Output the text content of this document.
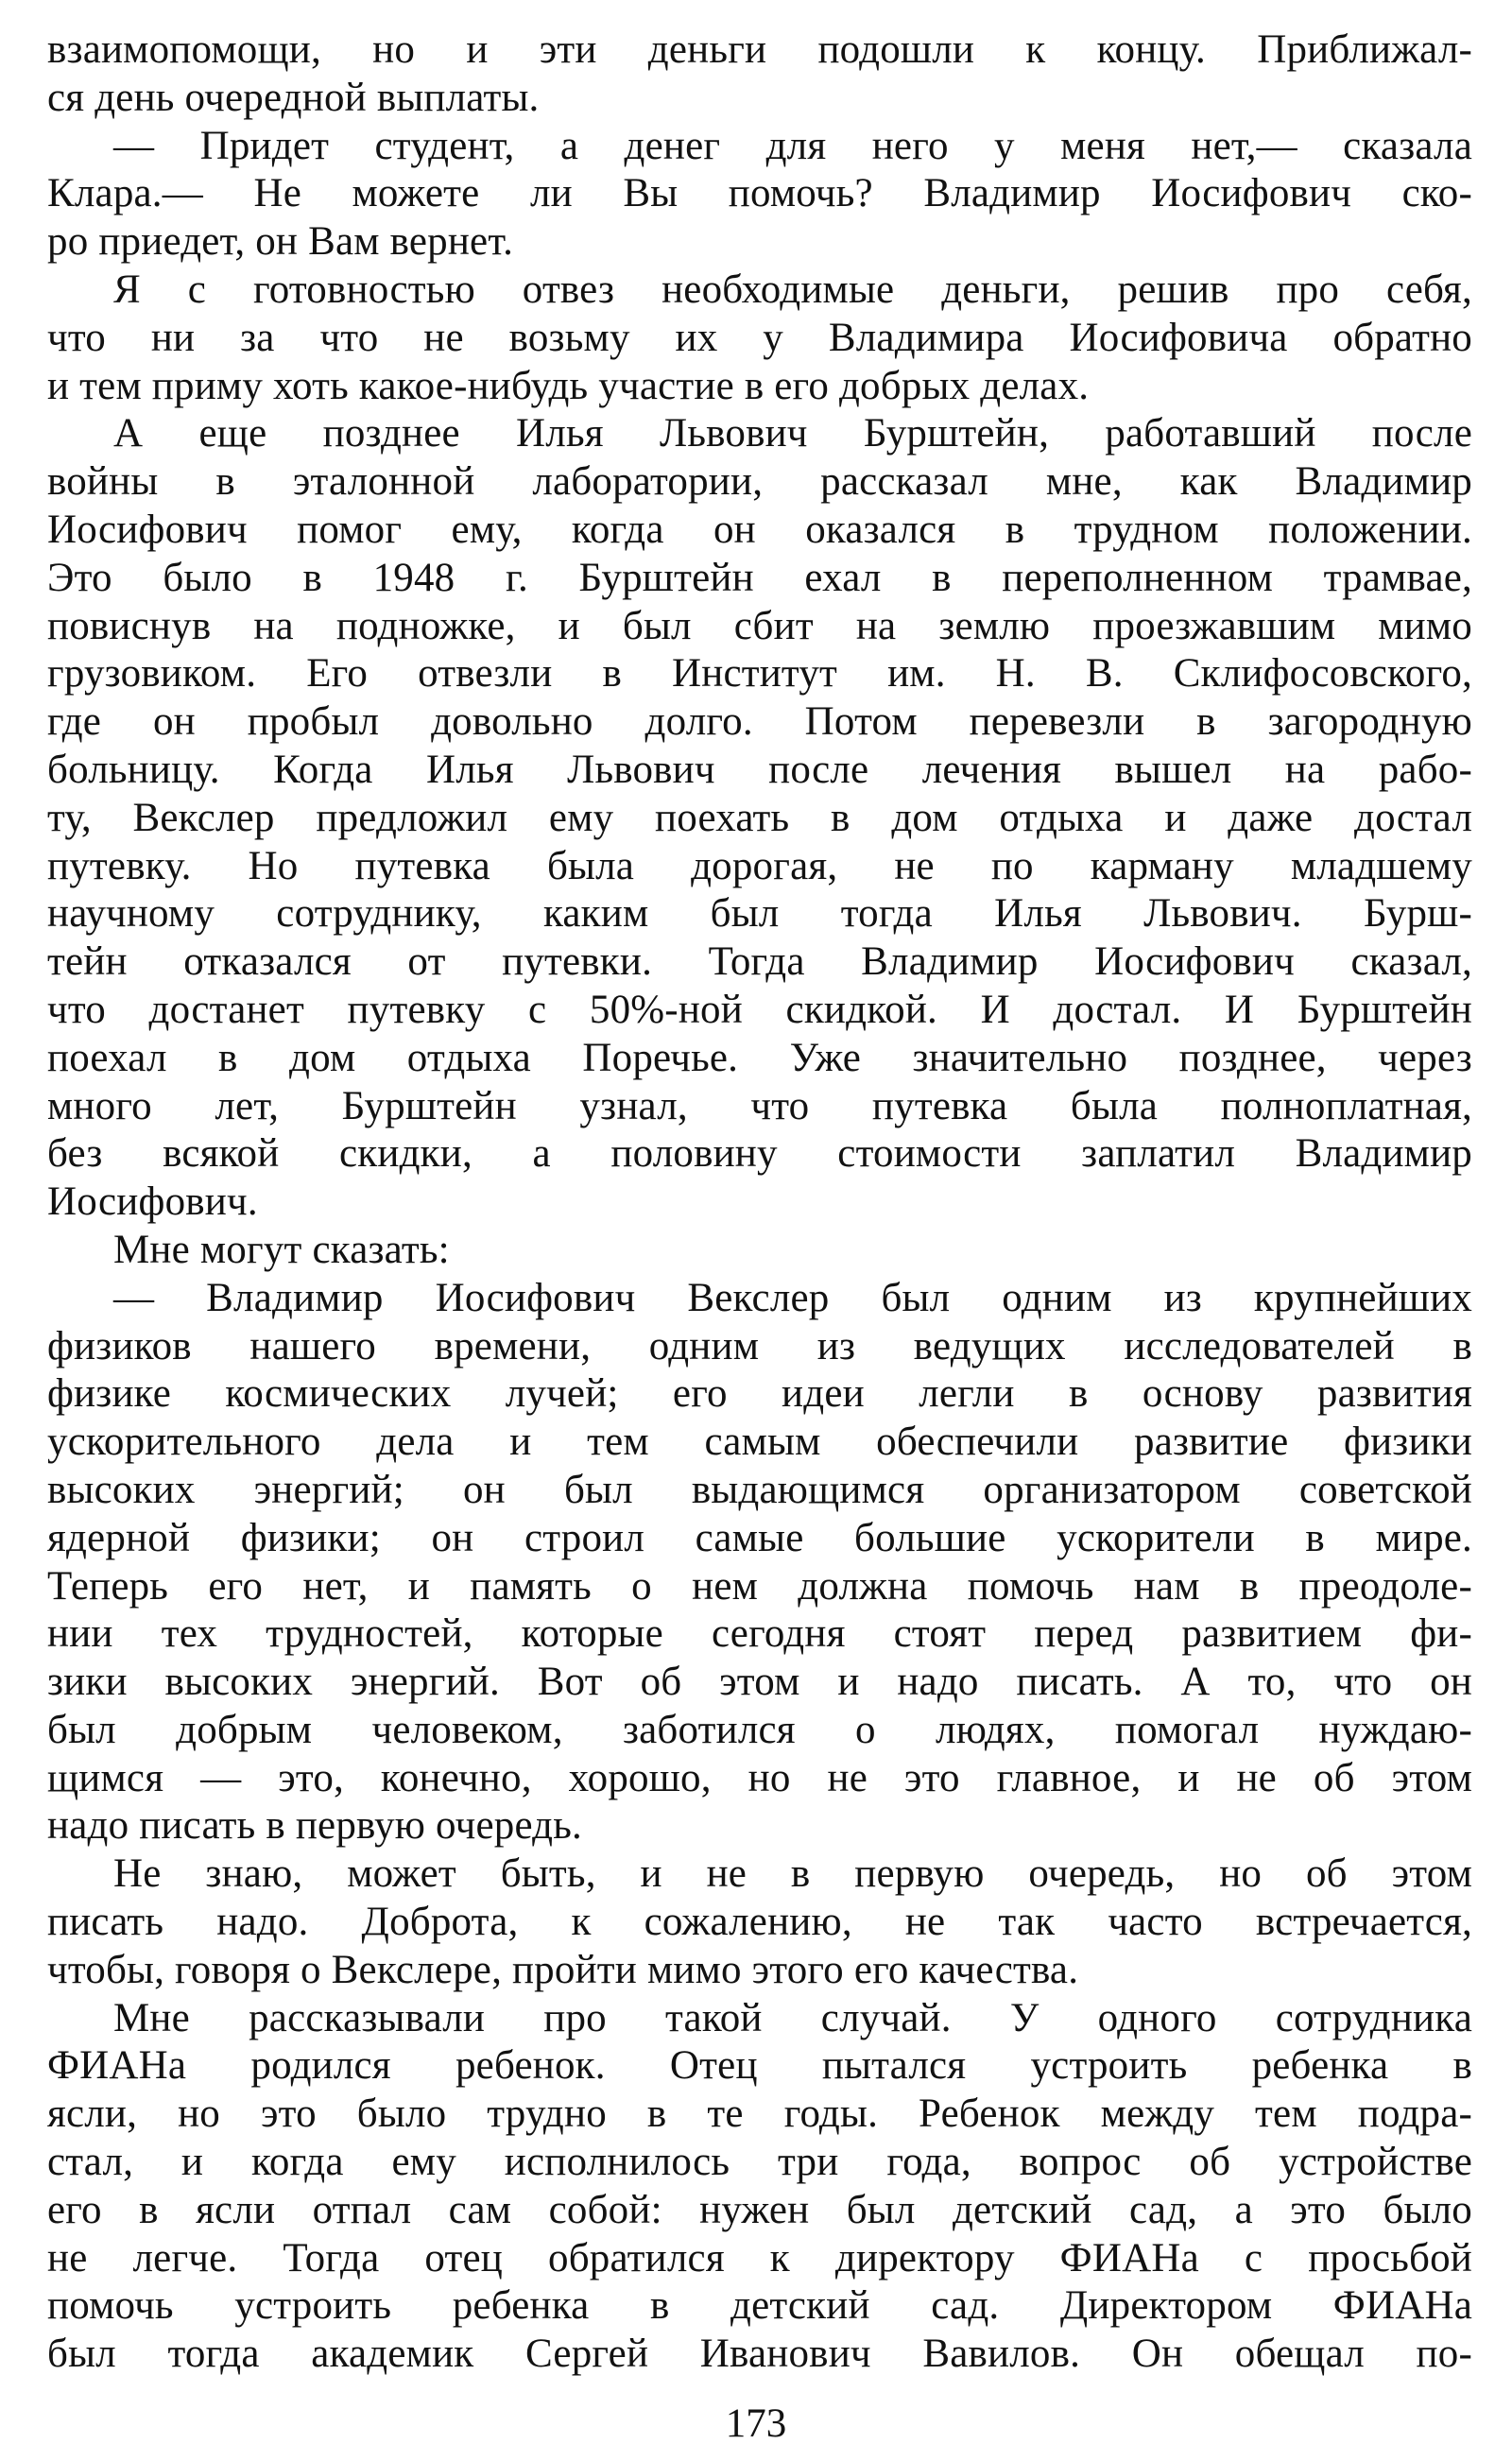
взаимопомощи, но и эти деньги подошли к концу. Приближал-
ся день очередной выплаты.
— Придет студент, а денег для него у меня нет,— сказала
Клара.— Не можете ли Вы помочь? Владимир Иосифович ско-
ро приедет, он Вам вернет.
Я с готовностью отвез необходимые деньги, решив про себя,
что ни за что не возьму их у Владимира Иосифовича обратно
и тем приму хоть какое-нибудь участие в его добрых делах.
А еще позднее Илья Львович Бурштейн, работавший после
войны в эталонной лаборатории, рассказал мне, как Владимир
Иосифович помог ему, когда он оказался в трудном положении.
Это было в 1948 г. Бурштейн ехал в переполненном трамвае,
повиснув на подножке, и был сбит на землю проезжавшим мимо
грузовиком. Его отвезли в Институт им. Н. В. Склифосовского,
где он пробыл довольно долго. Потом перевезли в загородную
больницу. Когда Илья Львович после лечения вышел на рабо-
ту, Векслер предложил ему поехать в дом отдыха и даже достал
путевку. Но путевка была дорогая, не по карману младшему
научному сотруднику, каким был тогда Илья Львович. Бурш-
тейн отказался от путевки. Тогда Владимир Иосифович сказал,
что достанет путевку с 50%-ной скидкой. И достал. И Бурштейн
поехал в дом отдыха Поречье. Уже значительно позднее, через
много лет, Бурштейн узнал, что путевка была полноплатная,
без всякой скидки, а половину стоимости заплатил Владимир
Иосифович.
Мне могут сказать:
— Владимир Иосифович Векслер был одним из крупнейших
физиков нашего времени, одним из ведущих исследователей в
физике космических лучей; его идеи легли в основу развития
ускорительного дела и тем самым обеспечили развитие физики
высоких энергий; он был выдающимся организатором советской
ядерной физики; он строил самые большие ускорители в мире.
Теперь его нет, и память о нем должна помочь нам в преодоле-
нии тех трудностей, которые сегодня стоят перед развитием фи-
зики высоких энергий. Вот об этом и надо писать. А то, что он
был добрым человеком, заботился о людях, помогал нуждаю-
щимся — это, конечно, хорошо, но не это главное, и не об этом
надо писать в первую очередь.
Не знаю, может быть, и не в первую очередь, но об этом
писать надо. Доброта, к сожалению, не так часто встречается,
чтобы, говоря о Векслере, пройти мимо этого его качества.
Мне рассказывали про такой случай. У одного сотрудника
ФИАНа родился ребенок. Отец пытался устроить ребенка в
ясли, но это было трудно в те годы. Ребенок между тем подра-
стал, и когда ему исполнилось три года, вопрос об устройстве
его в ясли отпал сам собой: нужен был детский сад, а это было
не легче. Тогда отец обратился к директору ФИАНа с просьбой
помочь устроить ребенка в детский сад. Директором ФИАНа
был тогда академик Сергей Иванович Вавилов. Он обещал по-
173
